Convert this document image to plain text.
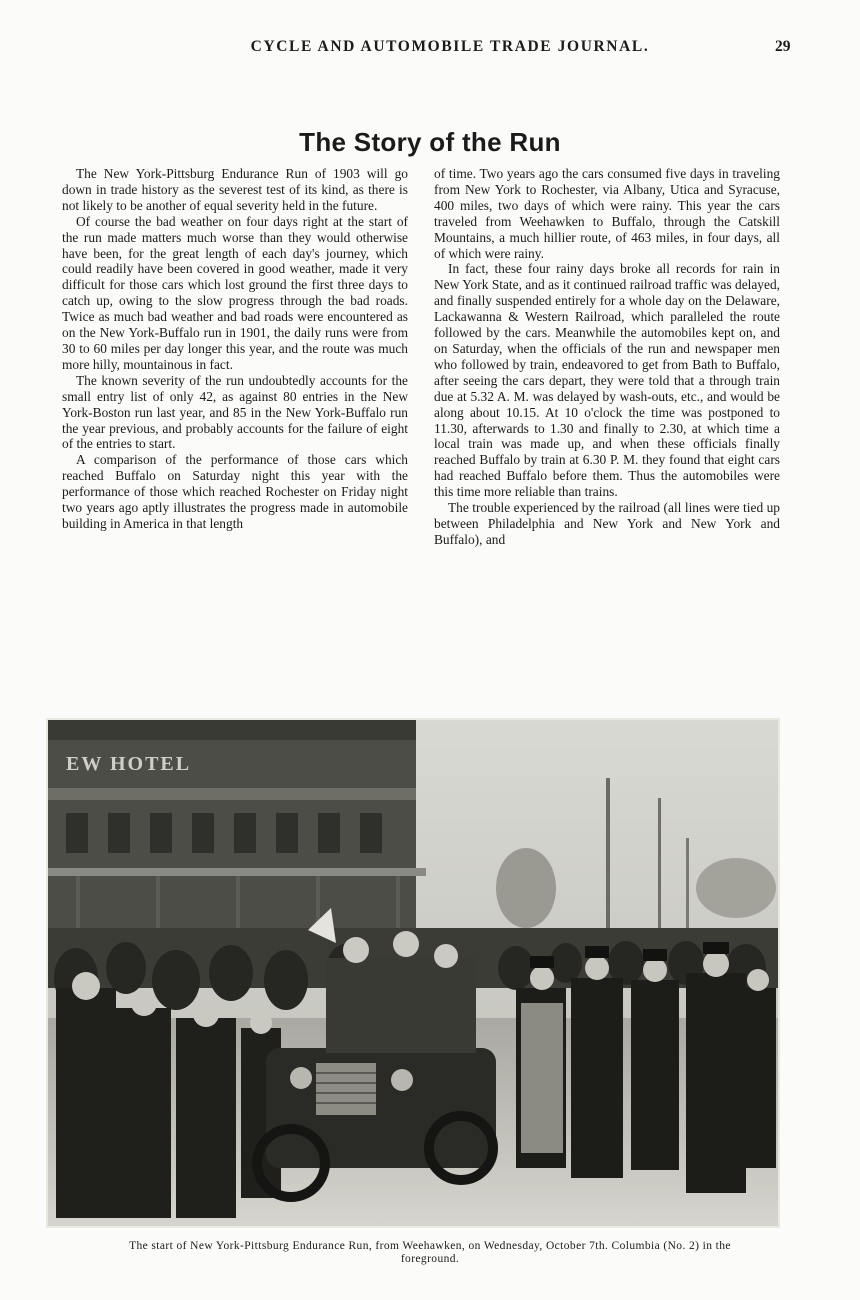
CYCLE AND AUTOMOBILE TRADE JOURNAL.	29
The Story of the Run

The New York-Pittsburg Endurance Run of 1903 will go down in trade history as the severest test of its kind, as there is not likely to be another of equal severity held in the future.

Of course the bad weather on four days right at the start of the run made matters much worse than they would otherwise have been, for the great length of each day's journey, which could readily have been covered in good weather, made it very difficult for those cars which lost ground the first three days to catch up, owing to the slow progress through the bad roads. Twice as much bad weather and bad roads were encountered as on the New York-Buffalo run in 1901, the daily runs were from 30 to 60 miles per day longer this year, and the route was much more hilly, mountainous in fact.

The known severity of the run undoubtedly accounts for the small entry list of only 42, as against 80 entries in the New York-Boston run last year, and 85 in the New York-Buffalo run the year previous, and probably accounts for the failure of eight of the entries to start.

A comparison of the performance of those cars which reached Buffalo on Saturday night this year with the performance of those which reached Rochester on Friday night two years ago aptly illustrates the progress made in automobile building in America in that length

of time. Two years ago the cars consumed five days in traveling from New York to Rochester, via Albany, Utica and Syracuse, 400 miles, two days of which were rainy. This year the cars traveled from Weehawken to Buffalo, through the Catskill Mountains, a much hillier route, of 463 miles, in four days, all of which were rainy.

In fact, these four rainy days broke all records for rain in New York State, and as it continued railroad traffic was delayed, and finally suspended entirely for a whole day on the Delaware, Lackawanna & Western Railroad, which paralleled the route followed by the cars. Meanwhile the automobiles kept on, and on Saturday, when the officials of the run and newspaper men who followed by train, endeavored to get from Bath to Buffalo, after seeing the cars depart, they were told that a through train due at 5.32 A. M. was delayed by wash-outs, etc., and would be along about 10.15. At 10 o'clock the time was postponed to 11.30, afterwards to 1.30 and finally to 2.30, at which time a local train was made up, and when these officials finally reached Buffalo by train at 6.30 P. M. they found that eight cars had reached Buffalo before them. Thus the automobiles were this time more reliable than trains.

The trouble experienced by the railroad (all lines were tied up between Philadelphia and New York and New York and Buffalo), and

EW HOTEL
The start of New York-Pittsburg Endurance Run, from Weehawken, on Wednesday, October 7th. Columbia (No. 2) in the foreground.
